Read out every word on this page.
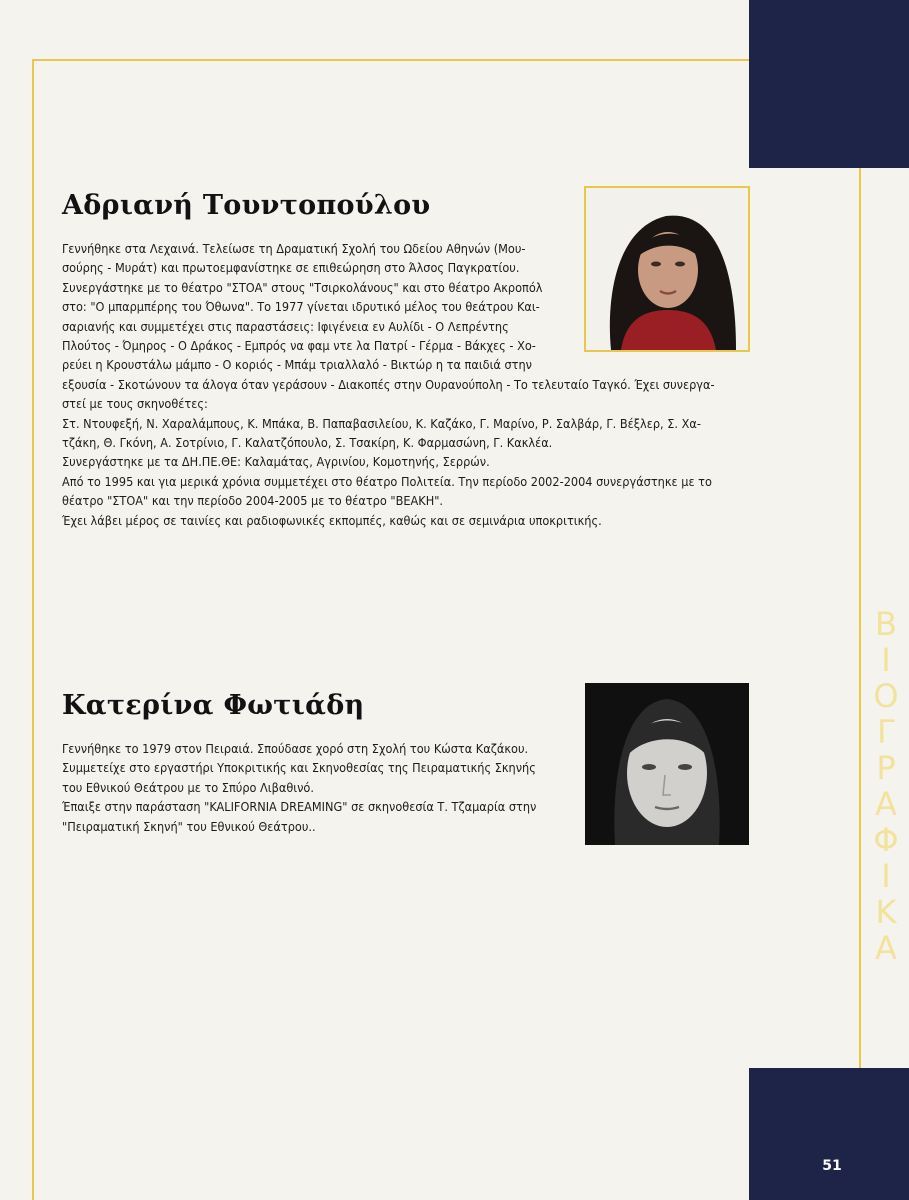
51
B
I
O
Γ
P
A
Φ
I
K
A
Αδριανή Τουντοπούλου

Γεννήθηκε στα Λεχαινά. Τελείωσε τη Δραματική Σχολή του Ωδείου Αθηνών (Μου-

σούρης - Μυράτ) και πρωτοεμφανίστηκε σε επιθεώρηση στο Άλσος Παγκρατίου.

Συνεργάστηκε με το θέατρο "ΣΤΟΑ" στους "Τσιρκολάνους" και στο θέατρο Ακροπόλ

στο: "Ο μπαρμπέρης του Όθωνα". Το 1977 γίνεται ιδρυτικό μέλος του θεάτρου Και-

σαριανής και συμμετέχει στις παραστάσεις: Ιφιγένεια εν Αυλίδι - Ο Λεπρέντης

Πλούτος - Όμηρος - Ο Δράκος - Εμπρός να φαμ ντε λα Πατρί - Γέρμα - Βάκχες - Χο-

ρεύει η Κρουστάλω μάμπο - Ο κοριός - Μπάμ τριαλλαλό - Βικτώρ η τα παιδιά στην

εξουσία - Σκοτώνουν τα άλογα όταν γεράσουν - Διακοπές στην Ουρανούπολη - Το τελευταίο Ταγκό. Έχει συνεργα-

στεί με τους σκηνοθέτες:

Στ. Ντουφεξή, Ν. Χαραλάμπους, Κ. Μπάκα, Β. Παπαβασιλείου, Κ. Καζάκο, Γ. Μαρίνο, Ρ. Σαλβάρ, Γ. Βέξλερ, Σ. Χα-

τζάκη, Θ. Γκόνη, Α. Σοτρίνιο, Γ. Καλατζόπουλο, Σ. Τσακίρη, Κ. Φαρμασώνη, Γ. Κακλέα.

Συνεργάστηκε με τα ΔΗ.ΠΕ.ΘΕ: Καλαμάτας, Αγρινίου, Κομοτηνής, Σερρών.

Από το 1995 και για μερικά χρόνια συμμετέχει στο θέατρο Πολιτεία. Την περίοδο 2002-2004 συνεργάστηκε με το

θέατρο "ΣΤΟΑ" και την περίοδο 2004-2005 με το θέατρο "ΒΕΑΚΗ".

Έχει λάβει μέρος σε ταινίες και ραδιοφωνικές εκπομπές, καθώς και σε σεμινάρια υποκριτικής.

Κατερίνα Φωτιάδη

Γεννήθηκε το 1979 στον Πειραιά. Σπούδασε χορό στη Σχολή του Κώστα Καζάκου.

Συμμετείχε στο εργαστήρι Υποκριτικής και Σκηνοθεσίας της Πειραματικής Σκηνής

του Εθνικού Θεάτρου με το Σπύρο Λιβαθινό.

Έπαιξε στην παράσταση "KALIFORNIA DREAMING" σε σκηνοθεσία Τ. Τζαμαρία στην

"Πειραματική Σκηνή" του Εθνικού Θεάτρου..
